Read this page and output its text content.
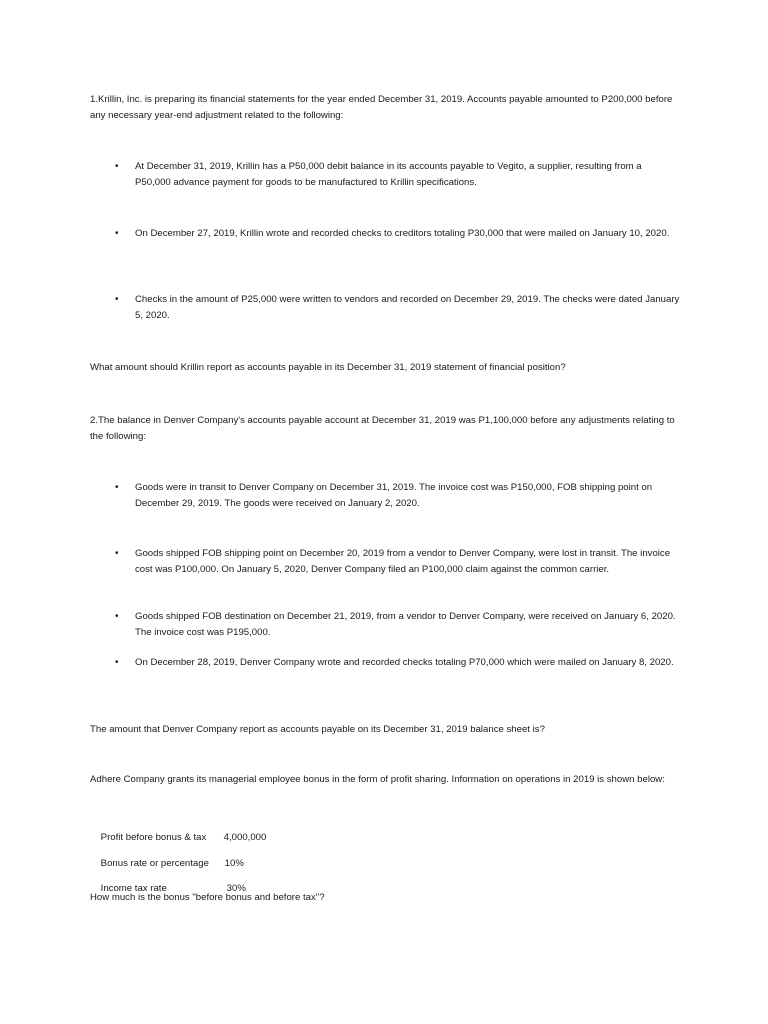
1.Krillin, Inc. is preparing its financial statements for the year ended December 31, 2019. Accounts payable amounted to P200,000 before any necessary year-end adjustment related to the following:

• At December 31, 2019, Krillin has a P50,000 debit balance in its accounts payable to Vegito, a supplier, resulting from a P50,000 advance payment for goods to be manufactured to Krillin specifications.

• On December 27, 2019, Krillin wrote and recorded checks to creditors totaling P30,000 that were mailed on January 10, 2020.

• Checks in the amount of P25,000 were written to vendors and recorded on December 29, 2019. The checks were dated January 5, 2020.

What amount should Krillin report as accounts payable in its December 31, 2019 statement of financial position?

2.The balance in Denver Company's accounts payable account at December 31, 2019 was P1,100,000 before any adjustments relating to the following:

• Goods were in transit to Denver Company on December 31, 2019. The invoice cost was P150,000, FOB shipping point on December 29, 2019. The goods were received on January 2, 2020.

• Goods shipped FOB shipping point on December 20, 2019 from a vendor to Denver Company, were lost in transit. The invoice cost was P100,000. On January 5, 2020, Denver Company filed an P100,000 claim against the common carrier.

• Goods shipped FOB destination on December 21, 2019, from a vendor to Denver Company, were received on January 6, 2020. The invoice cost was P195,000.

• On December 28, 2019, Denver Company wrote and recorded checks totaling P70,000 which were mailed on January 8, 2020.

The amount that Denver Company report as accounts payable on its December 31, 2019 balance sheet is?

Adhere Company grants its managerial employee bonus in the form of profit sharing. Information on operations in 2019 is shown below:

Profit before bonus & tax 4,000,000

Bonus rate or percentage 10%

Income tax rate	30%

How much is the bonus "before bonus and before tax"?
